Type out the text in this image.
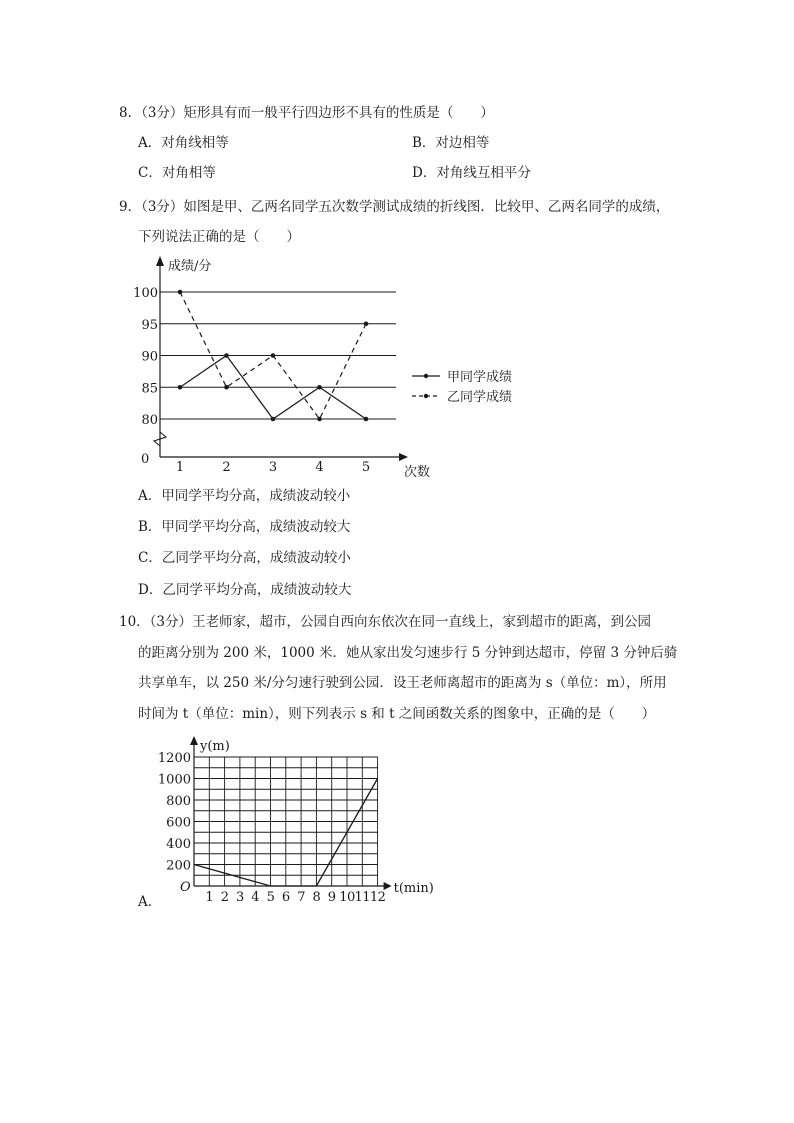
8．（3分）矩形具有而一般平行四边形不具有的性质是（　　）
A．对角线相等	B．对边相等
C．对角相等	D．对角线互相平分
9．（3分）如图是甲、乙两名同学五次数学测试成绩的折线图．比较甲、乙两名同学的成绩，
下列说法正确的是（　　）
80
85
90
95
100
0
1	2	3	4	5	次数
成绩/分
甲同学成绩
乙同学成绩
A．甲同学平均分高，成绩波动较小
B．甲同学平均分高，成绩波动较大
C．乙同学平均分高，成绩波动较小
D．乙同学平均分高，成绩波动较大
10．（3分）王老师家，超市，公园自西向东依次在同一直线上，家到超市的距离，到公园
的距离分别为 200 米，1000 米．她从家出发匀速步行 5 分钟到达超市，停留 3 分钟后骑
共享单车，以 250 米/分匀速行驶到公园．设王老师离超市的距离为 s（单位：m），所用
时间为 t（单位：min），则下列表示 s 和 t 之间函数关系的图象中，正确的是（　　）
200
400
600
800
1000
1200
O
1 2 3 4 5 6 7 8 9 10 11 12
t(min)
y(m)
A．
